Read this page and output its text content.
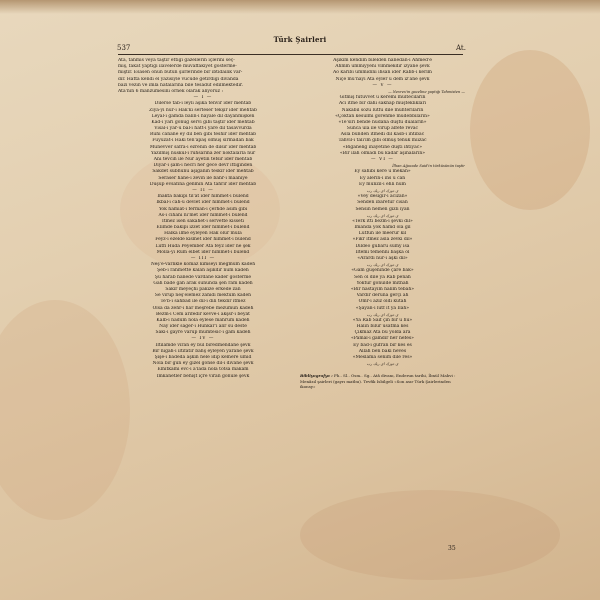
Türk Şairleri
537	At.
Atâ, tahmis veya taştir ettiği gazellerin içlerini seç-
miş, fakat yaptığı ilâvelerde muvaffakiyet gösterme-
miştir. Esasen onun bütün şiirlerinde bir ibtidailik var-
dır. Hattâ kendi el yazısıyle vücude getirdiği divanda
bazı vezin ve imlâ hatalarına bile tesadüf edilmektedir.
Atâ'nın 6 manzumesini örnek olarak alıyoruz :
— I —
Dilerse tâb-ı leyli âşıka tenvir ider mehtâb
Ziyâ-yı nûr-ı Hak'ki serteser tekşir ider mehtâb
Leyâl-i gamda bâlîn-i hayâle dil dayanmışken
Kad-i yâri gönüğ servi gibi taştir ider mehtâb
Visâl-i yâr-ü bâl-i hatt-ı yâre dil tasavvurda
Ruhi cânâne ey dil ben gibi teshir ider mehtâb
Füyûzât-ı Hâki ten'apâş olmuş sırmâdan bak
Münevver sâfra-i ezrenin de dilsir ider mehtâb
Yazılmış nuskul-ı ruhsârına zer noktalarla nûr
Anı tevcih ile Nûr âyetin tefsir ider mehtâb
Diyâr-ı şâm-ı hecri her gece devr ittiğinden
Sakdet subhunu aşiğânın teskir ider mehtâb
Serâser hâne-i zevin ile bahr-ı maâniye
Düşüp evsâfına genmin Atâ tahrir ider mehtâb
— II —
İnakta bakıpı tıl'at ider himmet-i bülend
İkbâl-i câh-u devlet ider himmet-i bülend
Yok hâmiât-ı ferman-ı çerhde asım gibi
Âs-ı cihânı ni'met ider himmet-i bülend
İtmez isen sakâhet-i servette kısseti
Elimde bakıpı izzet ider himmet-i bülend
Halka ilme eyleyen Hak olur mula
Feyz-i ezelde kısmet ider himmet-i bülend
Lütfi Hudâ Peyember Atâ feyz ider ne şek
Molla-yı Rûm elbet ider himmet-i bülend
— III —
Neş'e-vârlıkle komaz kimseyi meğmûm kadeh
Şeb-i rahmette kalan âşıkdır nûm kadeh
Şu harab hânede vardane kader gösterme
Gâh bade gah arak sununda şen râm kadeh
Sâkir meyeçhi pâkize erkede zan
Se virüp neş'elemez zâhidi mektûm kadeh
Te'b-ı sâhbâd ile dil-i dili tekdir itmez
Olsa da zehr-i har meşrebe mezumûn kadeh
Bezm-i Cem ârifedir kevve-i âkşsr-i beyât
Kalb-i nâdüm nola eylese mahrûm kadeh
Nây ider sâger-i Hunkâr'ı alır su deste
Sâki-i gayre varup mümtesic-i gam kadeh
— IV —
İltilâmde viran ey bül biredmendâne şevk
Bir nigâh-ı iltifâtır bahş eyleyen yârâne şevk
Şişe-i bâdeda aşkın hele idip kemere ümid
Nola bir gün ey gizel gönse dil-i divâne şevk
Elhitkâmı evc-i a'lâda nola totsa makam
İmkânetler behişt içre viran gönüle şevk
Âşıkım kendim bilelden hânedân-ı Ahmed'e
Ahmm ümmiyyeni vimmekdir îzyâne şevk
Ao karibi ümmidini ihsân ider Rabb-ı kerim
Niçe mu'nâyı Atâ eyler u dem iz'âne şevk
— V —
— Nevres'in gazeline yaptığı Tahmisten —
Gitmiş fütüvvet ü keremi mülteciların
Acı itme bir dahi saknap müşteklıkları
Nâkabil sözü lütfü dile muhteriların
«Çoktan kesülmi görenme müdebbiların»
«Te'sîri bende nûdana düştü duâların»
Sunca ulâ ile virüp âlfete revâc
Asla bünden itmedi dil kasb-i ihtibâc
Tahvil-i tâli'im gibi olmuş tenük miizâc
«Bîgâneliğ inâyetine düşti ihtiyâc»
«Bir ilâh olmadı bu kadar âşinâların»
— VI —
İlhan Ağazade Said'in türküsünün taştir
Ey sâhibi kere ü mekân»
Ey âlerin-i ins ü can
Ey münzil-i ehli nûm
ى دوزك اى ربك رب
«Vey desigir-i âcizân»
Senden ibâretür cisan
Sensin hemen gizli iyan
ى دوزك اى ربك رب
«Terk itti bezm-i şevkı dil»
İmanda yok hamd ola gil
Lütfun ile meerûr kıl
«Fikr itmez asla zevki dil»
Dildeo gubâru sumy isâ
İltemi temennî başka ol
«Arârdı nûr-ı aşkı dil»
ى دوزك اى ربك رب
«Gam güşenînde çâre bâk»
Sen ol dile yâ Rab penâh
Yoktur gönülde mithâh
«Bir hastayım hâlim tebâh»
Vardır deruna gerçi âh
Ömr-i azîz oldi kütâh
«Şâyân-ı lütf it yâ İlâh»
ى دوزك اى ربك رب
«Yâ Rab Sâif çin bir ü hu»
Hâlîn bilûr usatma kes
Çıkmaz Atâ bu yolda ara
«Pâmal-i gamdır her nefes»
Ey bâd-ı gufran bir kes es
Allah ben bâki heves
«Meslâma senim dile res»
ى دوزك اى ربك رب
Bibliyografya : Fh.. Sl.. Osm.. Sg.. Atâ divanı, Enderun tarihi, İbnül Mahvi : Menâzıl şairleri (gayrı matbu). Tevfik Isbilgeli «Son asır Türk Şairlerinden ikonsy»
35
